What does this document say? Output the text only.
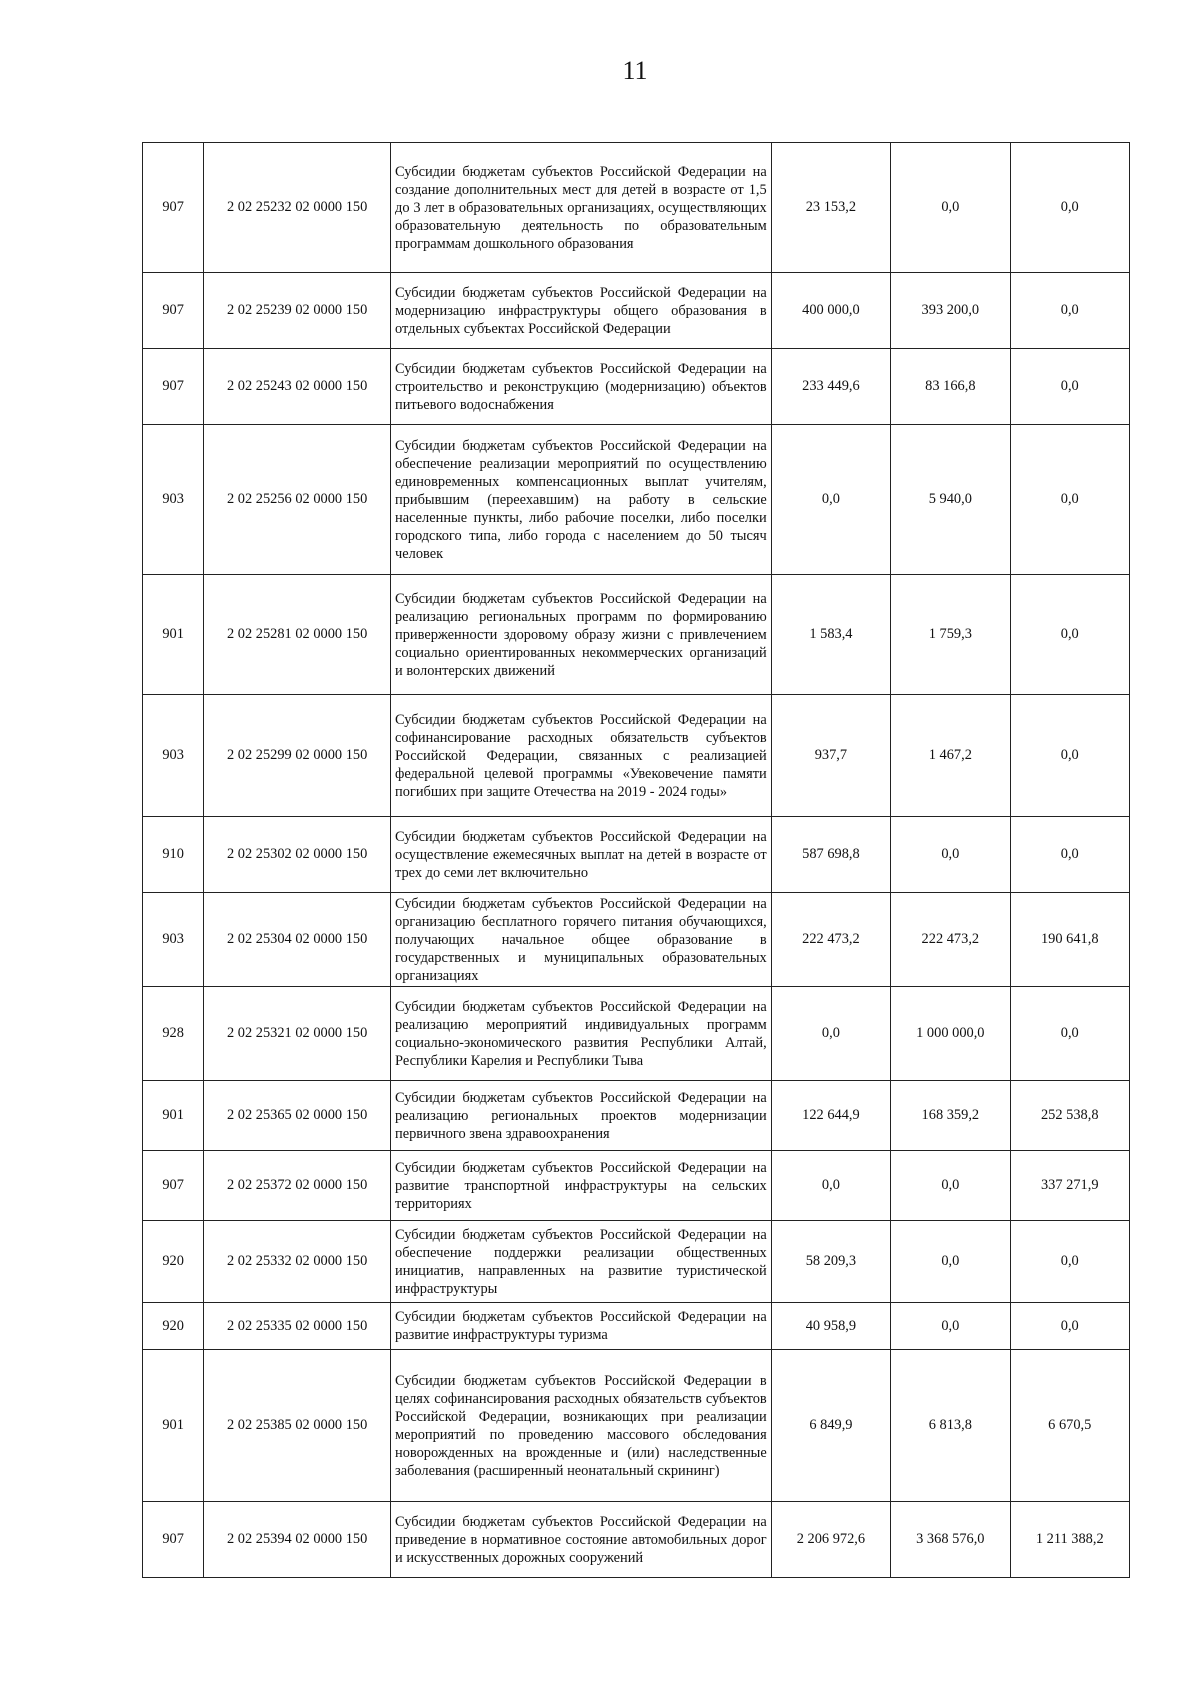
11
907	2 02 25232 02 0000 150	Субсидии бюджетам субъектов Российской Федерации на создание дополнительных мест для детей в возрасте от 1,5 до 3 лет в образовательных организациях, осуществляющих образовательную деятельность по образовательным программам дошкольного образования	23 153,2	0,0	0,0
907	2 02 25239 02 0000 150	Субсидии бюджетам субъектов Российской Федерации на модернизацию инфраструктуры общего образования в отдельных субъектах Российской Федерации	400 000,0	393 200,0	0,0
907	2 02 25243 02 0000 150	Субсидии бюджетам субъектов Российской Федерации на строительство и реконструкцию (модернизацию) объектов питьевого водоснабжения	233 449,6	83 166,8	0,0
903	2 02 25256 02 0000 150	Субсидии бюджетам субъектов Российской Федерации на обеспечение реализации мероприятий по осуществлению единовременных компенсационных выплат учителям, прибывшим (переехавшим) на работу в сельские населенные пункты, либо рабочие поселки, либо поселки городского типа, либо города с населением до 50 тысяч человек	0,0	5 940,0	0,0
901	2 02 25281 02 0000 150	Субсидии бюджетам субъектов Российской Федерации на реализацию региональных программ по формированию приверженности здоровому образу жизни с привлечением социально ориентированных некоммерческих организаций и волонтерских движений	1 583,4	1 759,3	0,0
903	2 02 25299 02 0000 150	Субсидии бюджетам субъектов Российской Федерации на софинансирование расходных обязательств субъектов Российской Федерации, связанных с реализацией федеральной целевой программы «Увековечение памяти погибших при защите Отечества на 2019 - 2024 годы»	937,7	1 467,2	0,0
910	2 02 25302 02 0000 150	Субсидии бюджетам субъектов Российской Федерации на осуществление ежемесячных выплат на детей в возрасте от трех до семи лет включительно	587 698,8	0,0	0,0
903	2 02 25304 02 0000 150	Субсидии бюджетам субъектов Российской Федерации на организацию бесплатного горячего питания обучающихся, получающих начальное общее образование в государственных и муниципальных образовательных организациях	222 473,2	222 473,2	190 641,8
928	2 02 25321 02 0000 150	Субсидии бюджетам субъектов Российской Федерации на реализацию мероприятий индивидуальных программ социально-экономического развития Республики Алтай, Республики Карелия и Республики Тыва	0,0	1 000 000,0	0,0
901	2 02 25365 02 0000 150	Субсидии бюджетам субъектов Российской Федерации на реализацию региональных проектов модернизации первичного звена здравоохранения	122 644,9	168 359,2	252 538,8
907	2 02 25372 02 0000 150	Субсидии бюджетам субъектов Российской Федерации на развитие транспортной инфраструктуры на сельских территориях	0,0	0,0	337 271,9
920	2 02 25332 02 0000 150	Субсидии бюджетам субъектов Российской Федерации на обеспечение поддержки реализации общественных инициатив, направленных на развитие туристической инфраструктуры	58 209,3	0,0	0,0
920	2 02 25335 02 0000 150	Субсидии бюджетам субъектов Российской Федерации на развитие инфраструктуры туризма	40 958,9	0,0	0,0
901	2 02 25385 02 0000 150	Субсидии бюджетам субъектов Российской Федерации в целях софинансирования расходных обязательств субъектов Российской Федерации, возникающих при реализации мероприятий по проведению массового обследования новорожденных на врожденные и (или) наследственные заболевания (расширенный неонатальный скрининг)	6 849,9	6 813,8	6 670,5
907	2 02 25394 02 0000 150	Субсидии бюджетам субъектов Российской Федерации на приведение в нормативное состояние автомобильных дорог и искусственных дорожных сооружений	2 206 972,6	3 368 576,0	1 211 388,2
